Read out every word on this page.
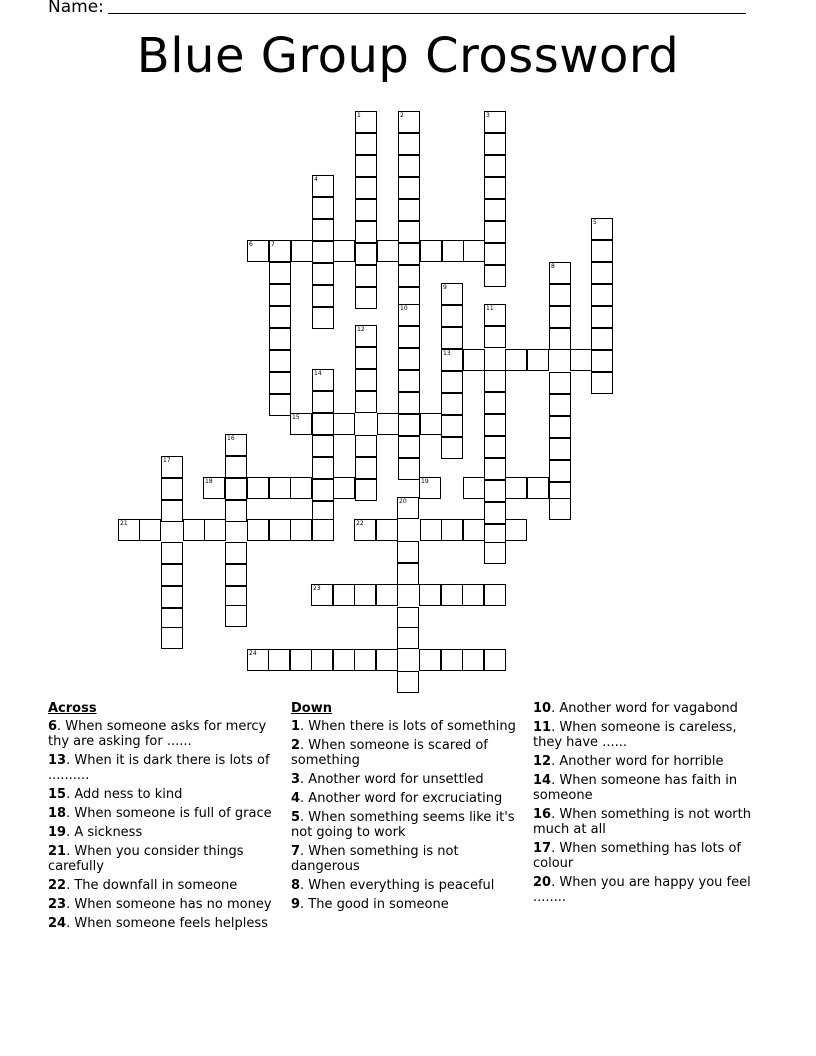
Name:
Blue Group Crossword
1	2	3
4
5
6	7
8
9
10	11
12
13
14
15
16
17
18	19
20
21	22
23
24
Across
6. When someone asks for mercy thy are asking for ......
13. When it is dark there is lots of ..........
15. Add ness to kind
18. When someone is full of grace
19. A sickness
21. When you consider things carefully
22. The downfall in someone
23. When someone has no money
24. When someone feels helpless
Down
1. When there is lots of something
2. When someone is scared of something
3. Another word for unsettled
4. Another word for excruciating
5. When something seems like it's not going to work
7. When something is not dangerous
8. When everything is peaceful
9. The good in someone
10. Another word for vagabond
11. When someone is careless, they have ......
12. Another word for horrible
14. When someone has faith in someone
16. When something is not worth much at all
17. When something has lots of colour
20. When you are happy you feel ........
